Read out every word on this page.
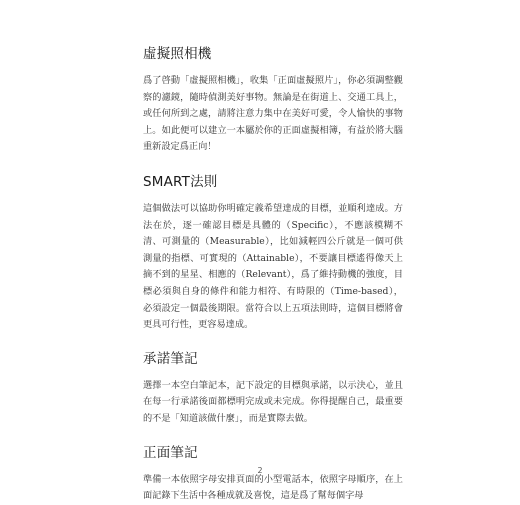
虛擬照相機

爲了啓動「虛擬照相機」，收集「正面虛擬照片」，你必須調整觀察的濾鏡，隨時偵測美好事物。無論是在街道上、交通工具上，或任何所到之處，請將注意力集中在美好可愛，令人愉快的事物上。如此便可以建立一本屬於你的正面虛擬相簿，有益於將大腦重新設定爲正向！

SMART法則

這個做法可以協助你明確定義希望達成的目標，並順利達成。方法在於，逐一確認目標是具體的（Specific），不應該模糊不清、可測量的（Measurable），比如減輕四公斤就是一個可供測量的指標、可實現的（Attainable），不要讓目標遙得像天上摘不到的星星、相應的（Relevant），爲了維持動機的強度，目標必須與自身的條件和能力相符、有時限的（Time-based），必須設定一個最後期限。當符合以上五項法則時，這個目標將會更具可行性，更容易達成。

承諾筆記

選擇一本空白筆記本，記下設定的目標與承諾，以示決心，並且在每一行承諾後面都標明完成或未完成。你得提醒自己，最重要的不是「知道該做什麼」，而是實際去做。

正面筆記

準備一本依照字母安排頁面的小型電話本，依照字母順序，在上面記錄下生活中各種成就及喜悅，這是爲了幫每個字母

2
